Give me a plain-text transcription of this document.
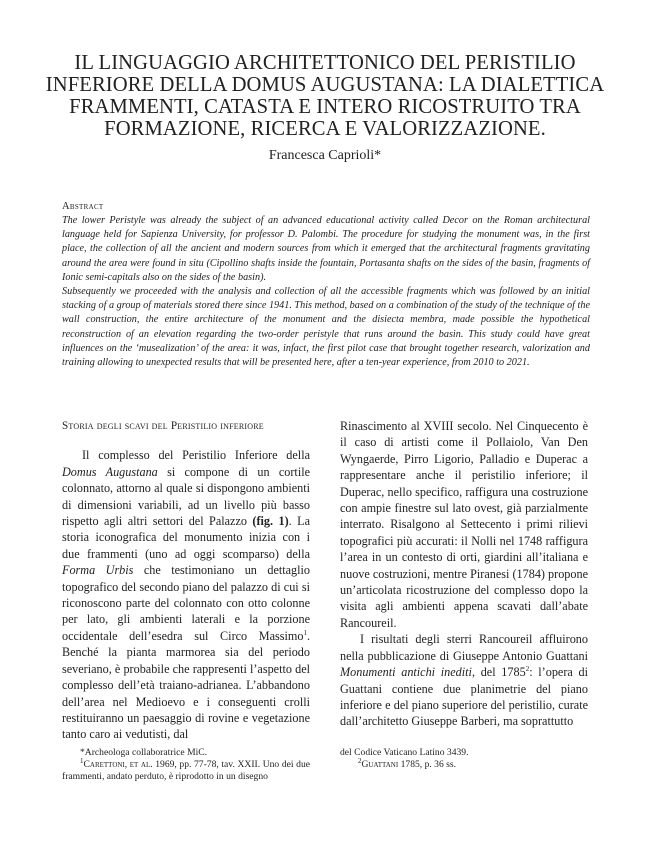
IL LINGUAGGIO ARCHITETTONICO DEL PERISTILIO
INFERIORE DELLA DOMUS AUGUSTANA: LA DIALETTICA
FRAMMENTI, CATASTA E INTERO RICOSTRUITO TRA
FORMAZIONE, RICERCA E VALORIZZAZIONE.
Francesca Caprioli*
Abstract

The lower Peristyle was already the subject of an advanced educational activity called Decor on the Roman architectural language held for Sapienza University, for professor D. Palombi. The procedure for studying the monument was, in the first place, the collection of all the ancient and modern sources from which it emerged that the architectural fragments gravitating around the area were found in situ (Cipollino shafts inside the fountain, Portasanta shafts on the sides of the basin, fragments of Ionic semi-capitals also on the sides of the basin).

Subsequently we proceeded with the analysis and collection of all the accessible fragments which was followed by an initial stacking of a group of materials stored there since 1941. This method, based on a combination of the study of the technique of the wall construction, the entire architecture of the monument and the disiecta membra, made possible the hypothetical reconstruction of an elevation regarding the two-order peristyle that runs around the basin. This study could have great influences on the ‘musealization’ of the area: it was, infact, the first pilot case that brought together research, valorization and training allowing to unexpected results that will be presented here, after a ten-year experience, from 2010 to 2021.

Storia degli scavi del Peristilio inferiore

Il complesso del Peristilio Inferiore della Domus Augustana si compone di un cortile colonnato, attorno al quale si dispongono ambienti di dimensioni variabili, ad un livello più basso rispetto agli altri settori del Palazzo (fig. 1). La storia iconografica del monumento inizia con i due frammenti (uno ad oggi scomparso) della Forma Urbis che testimoniano un dettaglio topografico del secondo piano del palazzo di cui si riconoscono parte del colonnato con otto colonne per lato, gli ambienti laterali e la porzione occidentale dell’esedra sul Circo Massimo$^1$. Benché la pianta marmorea sia del periodo severiano, è probabile che rappresenti l’aspetto del complesso dell’età traiano-adrianea. L’abbandono dell’area nel Medioevo e i conseguenti crolli restituiranno un paesaggio di rovine e vegetazione tanto caro ai vedutisti, dal

Rinascimento al XVIII secolo. Nel Cinquecento è il caso di artisti come il Pollaiolo, Van Den Wyngaerde, Pirro Ligorio, Palladio e Duperac a rappresentare anche il peristilio inferiore; il Duperac, nello specifico, raffigura una costruzione con ampie finestre sul lato ovest, già parzialmente interrato. Risalgono al Settecento i primi rilievi topografici più accurati: il Nolli nel 1748 raffigura l’area in un contesto di orti, giardini all’italiana e nuove costruzioni, mentre Piranesi (1784) propone un’articolata ricostruzione del complesso dopo la visita agli ambienti appena scavati dall’abate Rancoureil.

I risultati degli sterri Rancoureil affluirono nella pubblicazione di Giuseppe Antonio Guattani Monumenti antichi inediti, del 1785$^2$: l’opera di Guattani contiene due planimetrie del piano inferiore e del piano superiore del peristilio, curate dall’architetto Giuseppe Barberi, ma soprattutto

*Archeologa collaboratrice MiC.

$^1$Carettoni, et al. 1969, pp. 77-78, tav. XXII. Uno dei due frammenti, andato perduto, è riprodotto in un disegno

del Codice Vaticano Latino 3439.

$^2$Guattani 1785, p. 36 ss.
